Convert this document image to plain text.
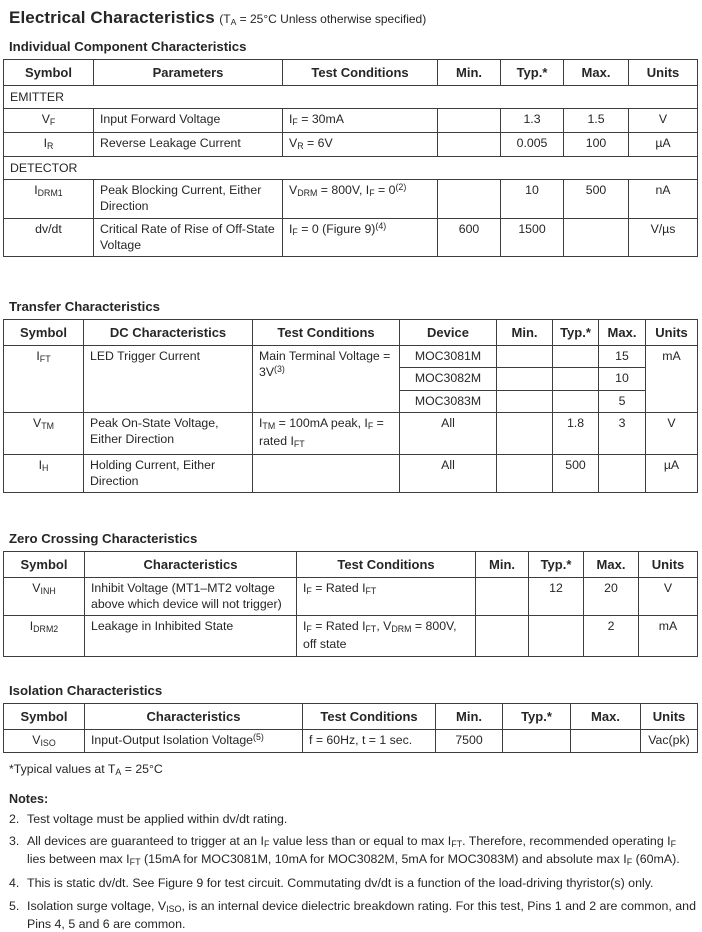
Electrical Characteristics ($T_A = 25^\circ C$ Unless otherwise specified)
Individual Component Characteristics
Symbol	Parameters	Test Conditions	Min.	Typ.*	Max.	Units
EMITTER						
$V_F$	Input Forward Voltage	$I_F = 30mA$		1.3	1.5	V
$I_R$	Reverse Leakage Current	$V_R = 6V$		0.005	100	µA
DETECTOR						
$I_{DRM1}$	Peak Blocking Current, Either Direction	$V_{DRM} = 800V$, $I_F = 0^{(2)}$		10	500	nA
dv/dt	Critical Rate of Rise of Off-State Voltage	$I_F = 0$ (Figure 9)$^{(4)}$	600	1500		V/µs
Transfer Characteristics
Symbol	DC Characteristics	Test Conditions	Device	Min.	Typ.*	Max.	Units
$I_{FT}$	LED Trigger Current	Main Terminal Voltage = $3V^{(3)}$	MOC3081M			15	mA
			MOC3082M			10	
			MOC3083M			5	
$V_{TM}$	Peak On-State Voltage, Either Direction	$I_{TM} = 100mA$ peak, $I_F$ = rated $I_{FT}$	All		1.8	3	V
$I_H$	Holding Current, Either Direction		All		500		µA
Zero Crossing Characteristics
Symbol	Characteristics	Test Conditions	Min.	Typ.*	Max.	Units
$V_{INH}$	Inhibit Voltage (MT1–MT2 voltage above which device will not trigger)	$I_F$ = Rated $I_{FT}$		12	20	V
$I_{DRM2}$	Leakage in Inhibited State	$I_F$ = Rated $I_{FT}$, $V_{DRM} = 800V$, off state			2	mA
Isolation Characteristics
Symbol	Characteristics	Test Conditions	Min.	Typ.*	Max.	Units
$V_{ISO}$	Input-Output Isolation Voltage$^{(5)}$	f = 60Hz, t = 1 sec.	7500			Vac(pk)
*Typical values at $T_A = 25^\circ C$
Notes:
2. Test voltage must be applied within dv/dt rating.
3. All devices are guaranteed to trigger at an $I_F$ value less than or equal to $\max I_{FT}$. Therefore, recommended operating $I_F$ lies between $\max I_{FT}$ (15mA for MOC3081M, 10mA for MOC3082M, 5mA for MOC3083M) and absolute $\max I_F$ (60mA).
4. This is static dv/dt. See Figure 9 for test circuit. Commutating dv/dt is a function of the load-driving thyristor(s) only.
5. Isolation surge voltage, $V_{ISO}$, is an internal device dielectric breakdown rating. For this test, Pins 1 and 2 are common, and Pins 4, 5 and 6 are common.
